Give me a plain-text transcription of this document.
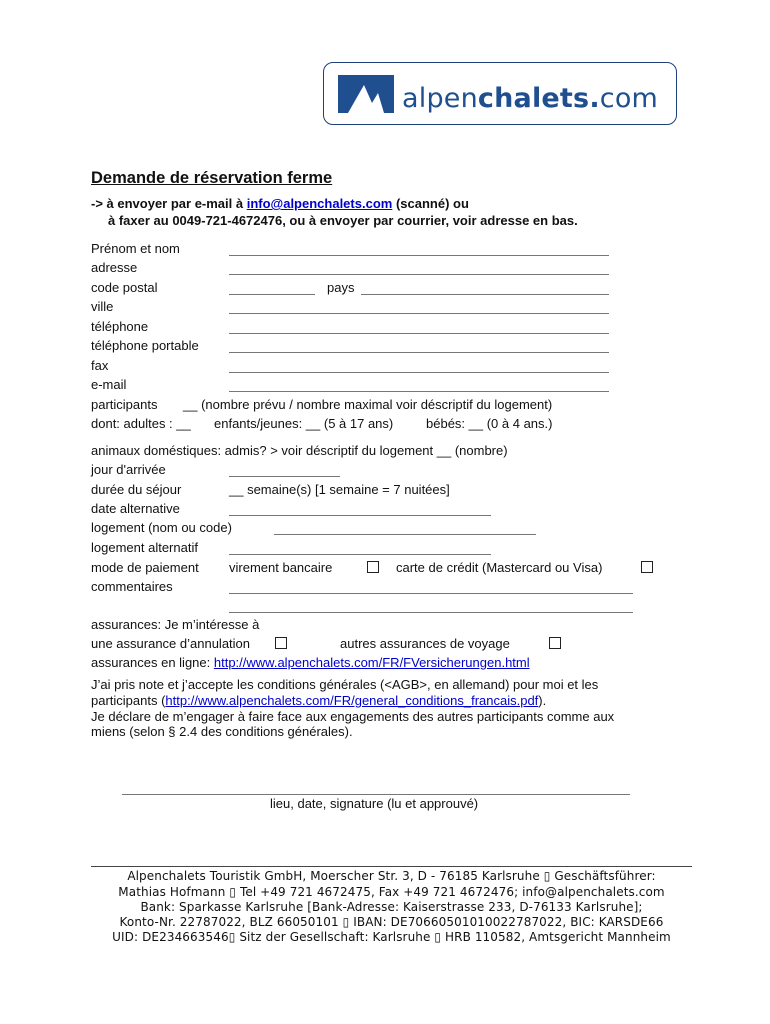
alpenchalets.com
Demande de réservation ferme
-> à envoyer par e-mail à info@alpenchalets.com (scanné) ou
à faxer au 0049-721-4672476, ou à envoyer par courrier, voir adresse en bas.
Prénom et nom
adresse
code postal	pays
ville
téléphone
téléphone portable
fax
e-mail
participants __ (nombre prévu / nombre maximal voir déscriptif du logement)
dont: adultes : __ enfants/jeunes: __ (5 à 17 ans)	bébés: __ (0 à 4 ans.)
animaux doméstiques: admis? > voir déscriptif du logement __ (nombre)
jour d'arrivée
durée du séjour	__ semaine(s) [1 semaine = 7 nuitées]
date alternative
logement (nom ou code)
logement alternatif
mode de paiement virement bancaire	carte de crédit (Mastercard ou Visa)
commentaires
assurances: Je m’intéresse à
une assurance d’annulation	autres assurances de voyage
assurances en ligne: http://www.alpenchalets.com/FR/FVersicherungen.html
J’ai pris note et j’accepte les conditions générales (<AGB>, en allemand) pour moi et les
participants (http://www.alpenchalets.com/FR/general_conditions_francais.pdf).
Je déclare de m’engager à faire face aux engagements des autres participants comme aux
miens (selon § 2.4 des conditions générales).
lieu, date, signature (lu et approuvé)
Alpenchalets Touristik GmbH, Moerscher Str. 3, D - 76185 Karlsruhe ▯ Geschäftsführer:
Mathias Hofmann ▯ Tel +49 721 4672475, Fax +49 721 4672476; info@alpenchalets.com
Bank: Sparkasse Karlsruhe [Bank-Adresse: Kaiserstrasse 233, D-76133 Karlsruhe];
Konto-Nr. 22787022, BLZ 66050101 ▯ IBAN: DE70660501010022787022, BIC: KARSDE66
UID: DE234663546▯ Sitz der Gesellschaft: Karlsruhe ▯ HRB 110582, Amtsgericht Mannheim
